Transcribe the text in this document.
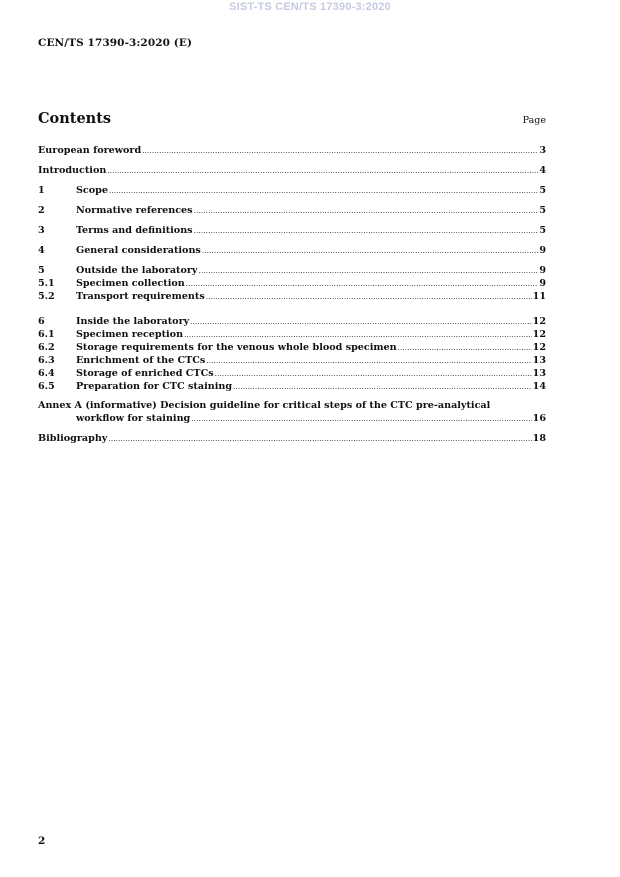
SIST-TS CEN/TS 17390-3:2020
CEN/TS 17390-3:2020 (E)
Contents	Page
European foreword .....	3
Introduction .....	4
1	Scope .....	5
2	Normative references .....	5
3	Terms and definitions .....	5
4	General considerations .....	9
5	Outside the laboratory .....	9
5.1	Specimen collection .....	9
5.2	Transport requirements .....	11
6	Inside the laboratory .....	12
6.1	Specimen reception .....	12
6.2	Storage requirements for the venous whole blood specimen .....	12
6.3	Enrichment of the CTCs .....	13
6.4	Storage of enriched CTCs .....	13
6.5	Preparation for CTC staining .....	14
Annex A (informative) Decision guideline for critical steps of the CTC pre-analytical
workflow for staining .....	16
Bibliography .....	18
2
